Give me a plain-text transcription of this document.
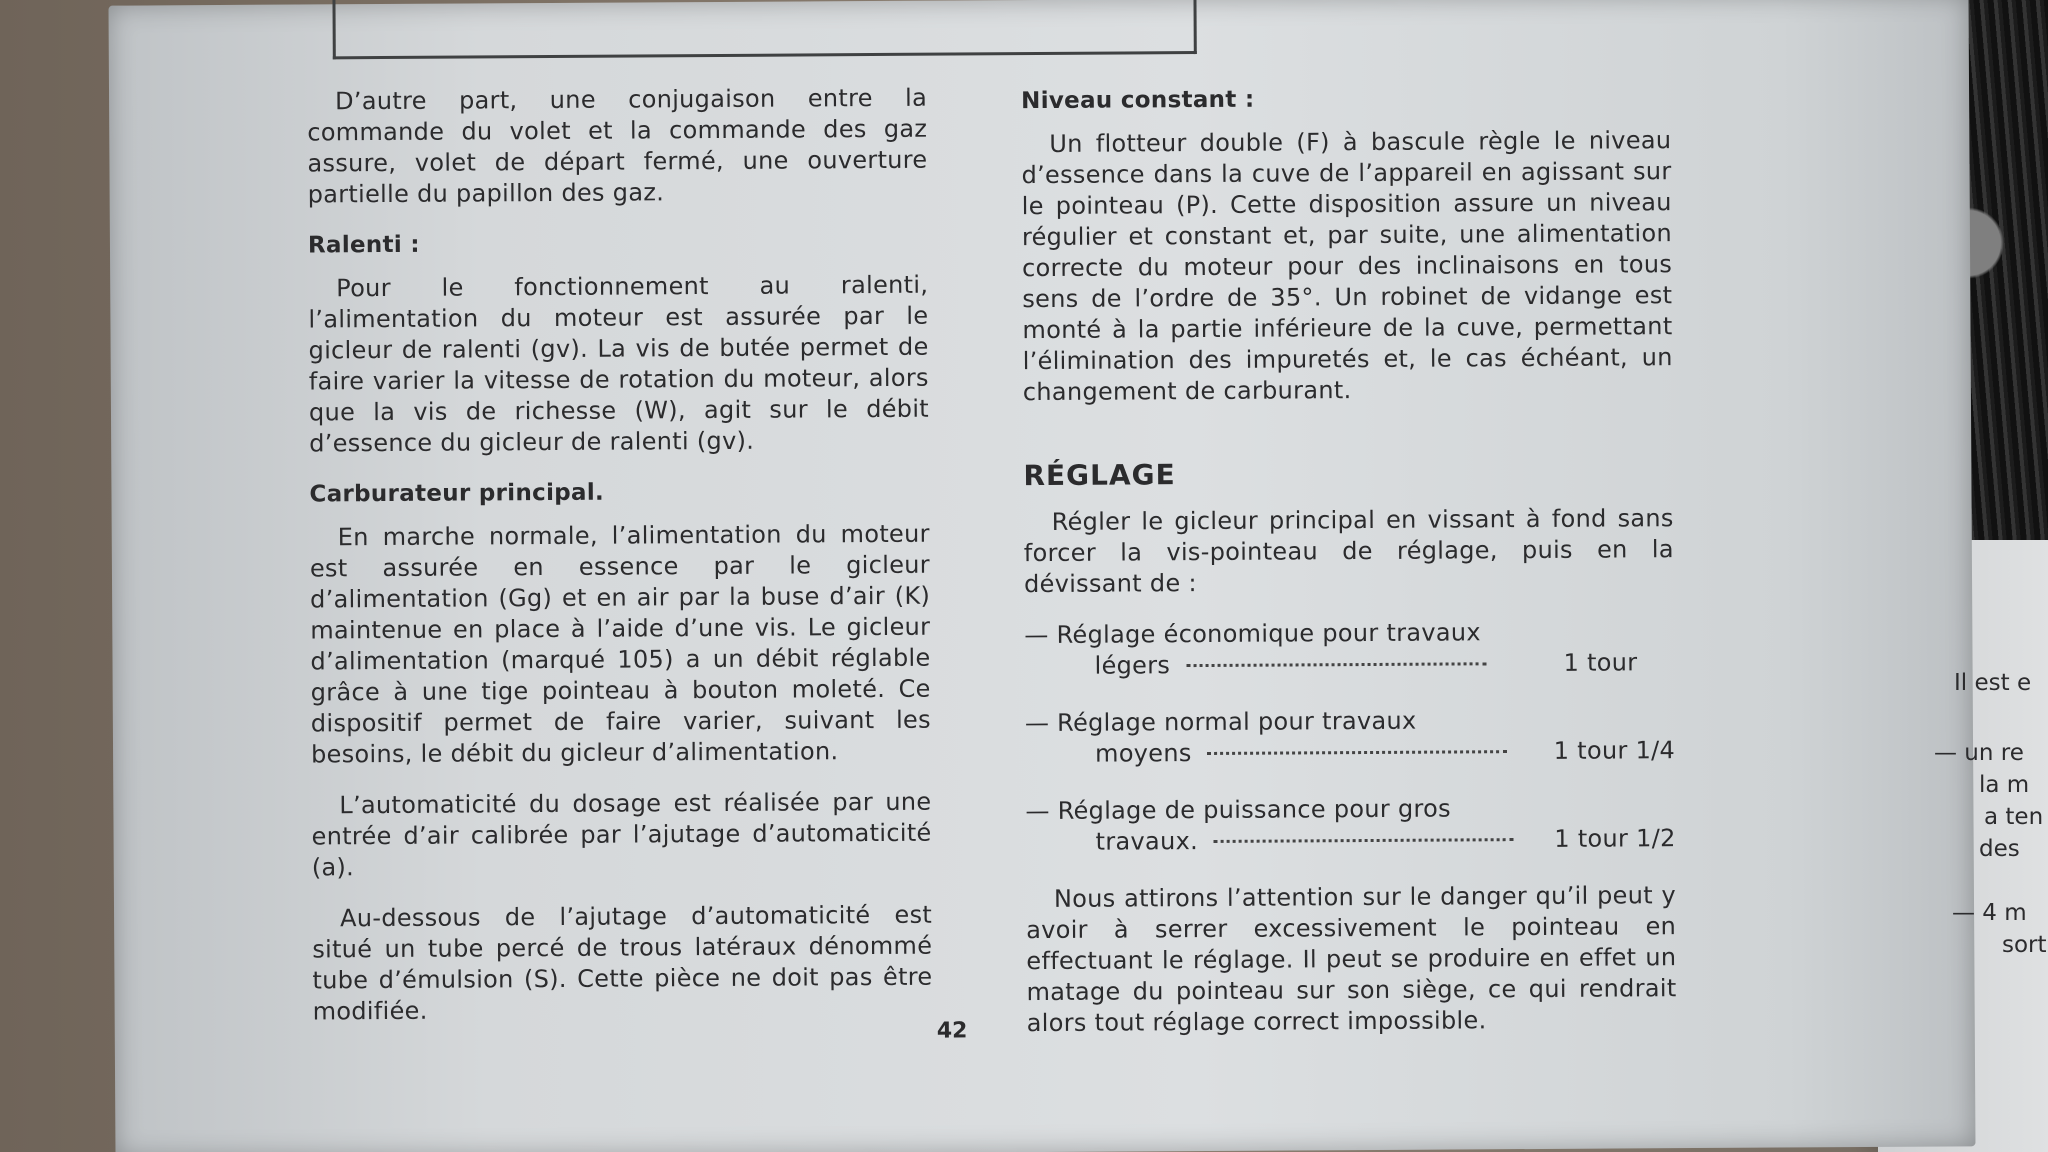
D’autre part, une conjugaison entre la commande du volet et la commande des gaz assure, volet de départ fermé, une ouverture partielle du papillon des gaz.

Ralenti :

Pour le fonctionnement au ralenti, l’alimentation du moteur est assurée par le gicleur de ralenti (gv). La vis de butée permet de faire varier la vitesse de rotation du moteur, alors que la vis de richesse (W), agit sur le débit d’essence du gicleur de ralenti (gv).

Carburateur principal.

En marche normale, l’alimentation du moteur est assurée en essence par le gicleur d’alimentation (Gg) et en air par la buse d’air (K) maintenue en place à l’aide d’une vis. Le gicleur d’alimentation (marqué 105) a un débit réglable grâce à une tige pointeau à bouton moleté. Ce dispositif permet de faire varier, suivant les besoins, le débit du gicleur d’alimentation.

L’automaticité du dosage est réalisée par une entrée d’air calibrée par l’ajutage d’automaticité (a).

Au-dessous de l’ajutage d’automaticité est situé un tube percé de trous latéraux dénommé tube d’émulsion (S). Cette pièce ne doit pas être modifiée.

Niveau constant :

Un flotteur double (F) à bascule règle le niveau d’essence dans la cuve de l’appareil en agissant sur le pointeau (P). Cette disposition assure un niveau régulier et constant et, par suite, une alimentation correcte du moteur pour des inclinaisons en tous sens de l’ordre de 35°. Un robinet de vidange est monté à la partie inférieure de la cuve, permettant l’élimination des impuretés et, le cas échéant, un changement de carburant.

RÉGLAGE

Régler le gicleur principal en vissant à fond sans forcer la vis-pointeau de réglage, puis en la dévissant de :

— Réglage économique pour travaux
légers	1 tour
— Réglage normal pour travaux
moyens	1 tour 1/4
— Réglage de puissance pour gros
travaux.	1 tour 1/2

Nous attirons l’attention sur le danger qu’il peut y avoir à serrer excessivement le pointeau en effectuant le réglage. Il peut se produire en effet un matage du pointeau sur son siège, ce qui rendrait alors tout réglage correct impossible.

42
Il est e
— un re
la m
a ten
des
— 4 m
sort
